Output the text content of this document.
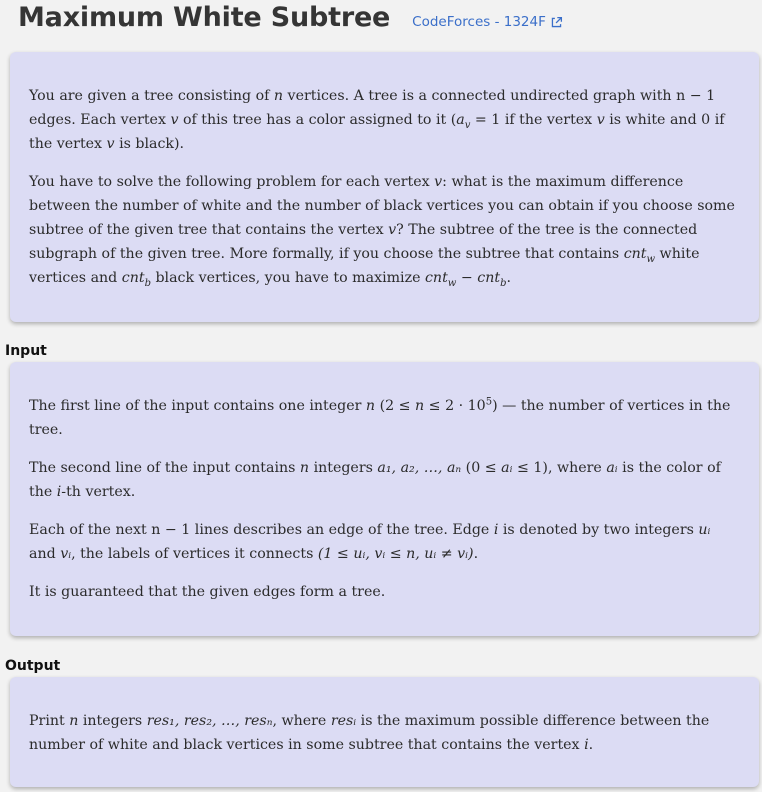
Maximum White Subtree CodeForces - 1324F

You are given a tree consisting of n vertices. A tree is a connected undirected graph with n − 1 edges. Each vertex v of this tree has a color assigned to it ($a_v = 1$ if the vertex v is white and 0 if the vertex v is black).

You have to solve the following problem for each vertex v: what is the maximum difference between the number of white and the number of black vertices you can obtain if you choose some subtree of the given tree that contains the vertex v? The subtree of the tree is the connected subgraph of the given tree. More formally, if you choose the subtree that contains cnt$_w$ white vertices and cnt$_b$ black vertices, you have to maximize cnt$_w$ − cnt$_b$.

Input

The first line of the input contains one integer n $(2 \le n \le 2 \cdot 10^5)$ — the number of vertices in the tree.

The second line of the input contains n integers a₁, a₂, …, aₙ (0 ≤ aᵢ ≤ 1), where aᵢ is the color of the i-th vertex.

Each of the next n − 1 lines describes an edge of the tree. Edge i is denoted by two integers uᵢ and vᵢ, the labels of vertices it connects (1 ≤ uᵢ, vᵢ ≤ n, uᵢ ≠ vᵢ).

It is guaranteed that the given edges form a tree.

Output

Print n integers res₁, res₂, …, resₙ, where resᵢ is the maximum possible difference between the number of white and black vertices in some subtree that contains the vertex i.
